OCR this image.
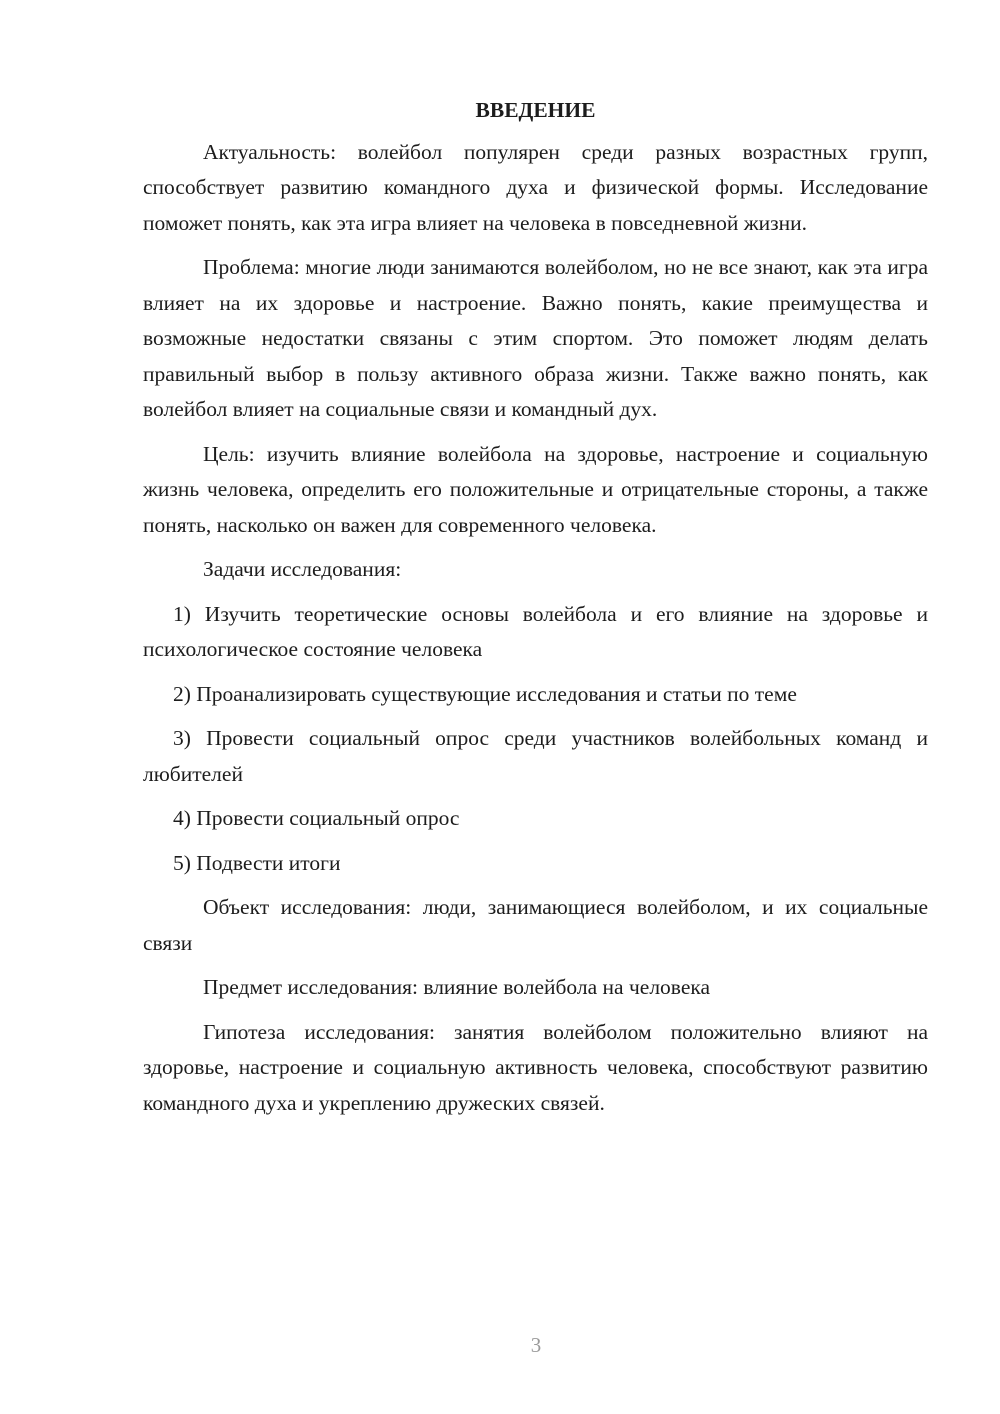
ВВЕДЕНИЕ

Актуальность: волейбол популярен среди разных возрастных групп, способствует развитию командного духа и физической формы. Исследование поможет понять, как эта игра влияет на человека в повседневной жизни.

Проблема: многие люди занимаются волейболом, но не все знают, как эта игра влияет на их здоровье и настроение. Важно понять, какие преимущества и возможные недостатки связаны с этим спортом. Это поможет людям делать правильный выбор в пользу активного образа жизни. Также важно понять, как волейбол влияет на социальные связи и командный дух.

Цель: изучить влияние волейбола на здоровье, настроение и социальную жизнь человека, определить его положительные и отрицательные стороны, а также понять, насколько он важен для современного человека.

Задачи исследования:

1) Изучить теоретические основы волейбола и его влияние на здоровье и психологическое состояние человека

2) Проанализировать существующие исследования и статьи по теме

3) Провести социальный опрос среди участников волейбольных команд и любителей

4) Провести социальный опрос

5) Подвести итоги

Объект исследования: люди, занимающиеся волейболом, и их социальные связи

Предмет исследования: влияние волейбола на человека

Гипотеза исследования: занятия волейболом положительно влияют на здоровье, настроение и социальную активность человека, способствуют развитию командного духа и укреплению дружеских связей.

3
